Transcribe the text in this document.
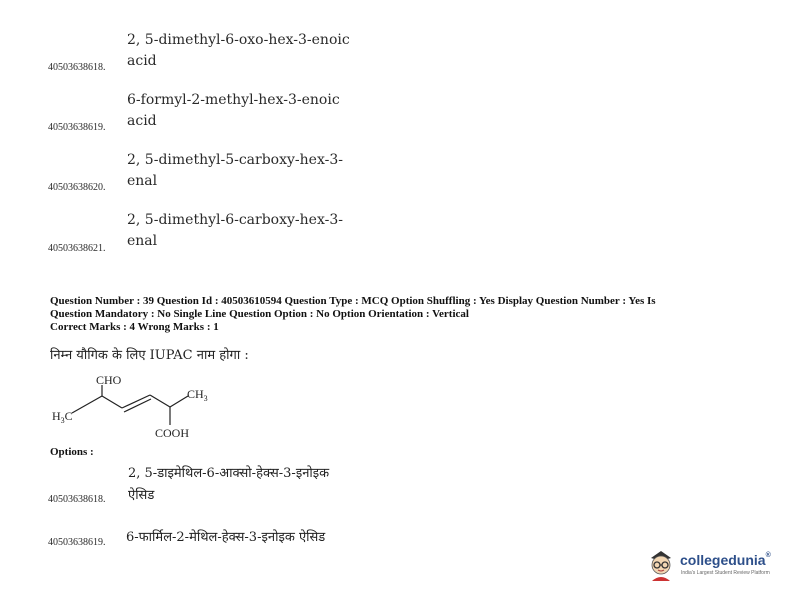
2, 5-dimethyl-6-oxo-hex-3-enoic
acid
40503638618.
6-formyl-2-methyl-hex-3-enoic
acid
40503638619.
2, 5-dimethyl-5-carboxy-hex-3-
enal
40503638620.
2, 5-dimethyl-6-carboxy-hex-3-
enal
40503638621.
Question Number : 39 Question Id : 40503610594 Question Type : MCQ Option Shuffling : Yes Display Question Number : Yes Is
Question Mandatory : No Single Line Question Option : No Option Orientation : Vertical
Correct Marks : 4 Wrong Marks : 1
निम्न यौगिक के लिए IUPAC नाम होगा :
CHO
$CH_3$
$H_3C$
COOH
Options :
2, 5-डाइमेथिल-6-आक्सो-हेक्स-3-इनोइक
ऐसिड
40503638618.
6-फार्मिल-2-मेथिल-हेक्स-3-इनोइक ऐसिड
40503638619.
collegedunia®
India's Largest Student Review Platform
